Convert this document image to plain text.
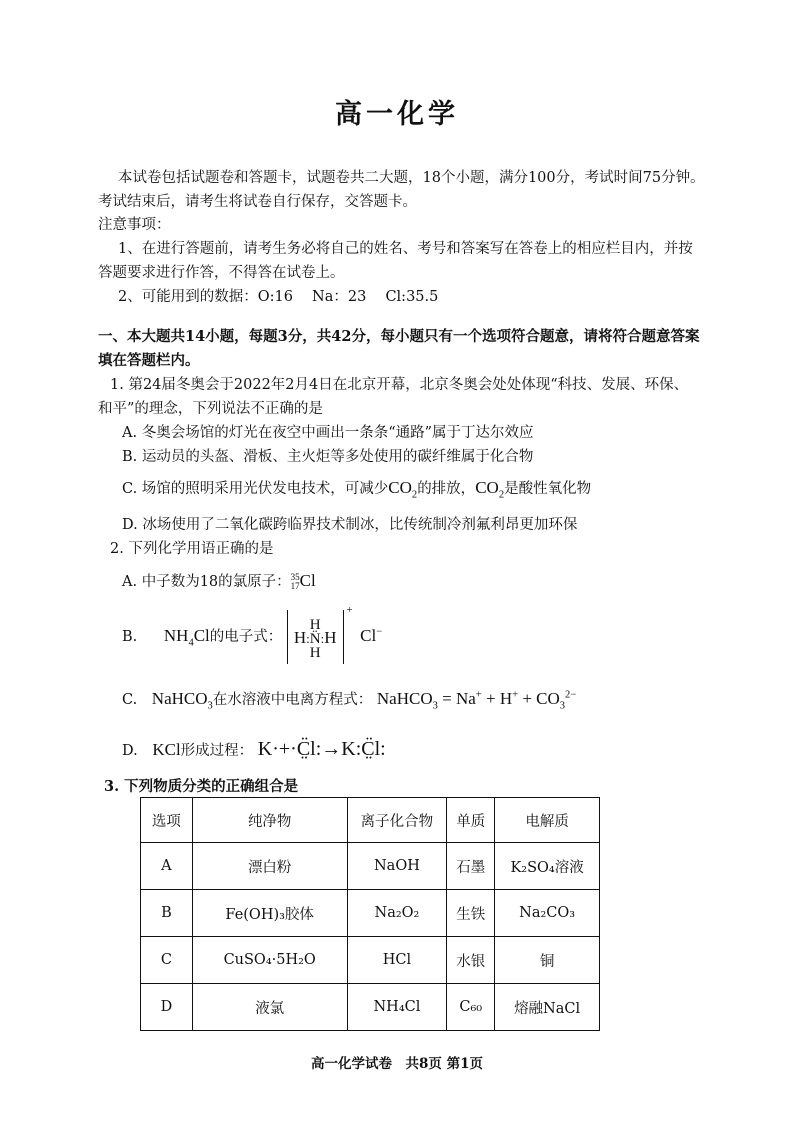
高一化学
本试卷包括试题卷和答题卡，试题卷共二大题，18个小题，满分100分，考试时间75分钟。
考试结束后，请考生将试卷自行保存，交答题卡。
注意事项：
1、在进行答题前，请考生务必将自己的姓名、考号和答案写在答卷上的相应栏目内，并按
答题要求进行作答，不得答在试卷上。
2、可能用到的数据：O:16　 Na：23　 Cl:35.5
一、本大题共14小题，每题3分，共42分，每小题只有一个选项符合题意，请将符合题意答案
填在答题栏内。
1. 第24届冬奥会于2022年2月4日在北京开幕，北京冬奥会处处体现“科技、发展、环保、
和平”的理念，下列说法不正确的是
A. 冬奥会场馆的灯光在夜空中画出一条条“通路”属于丁达尔效应
B. 运动员的头盔、滑板、主火炬等多处使用的碳纤维属于化合物
C. 场馆的照明采用光伏发电技术，可减少$CO_2$的排放，$CO_2$是酸性氧化物
D. 冰场使用了二氧化碳跨临界技术制冰，比传统制冷剂氟利昂更加环保
2. 下列化学用语正确的是
A. 中子数为18的氯原子：35
17Cl
B. $NH_4Cl$的电子式： H:H
N̈
H:H
+
Cl−
C. NaHCO$_3$在水溶液中电离方程式： NaHCO$_3$ = $Na^+ + H^+ + CO_3^{2-}$
D. KCl形成过程： K·+·C̤̈l:→K:C̤̈l:
3. 下列物质分类的正确组合是
选项	纯净物	离子化合物	单质	电解质
A	漂白粉	NaOH	石墨	K₂SO₄溶液
B	Fe(OH)₃胶体	Na₂O₂	生铁	Na₂CO₃
C	CuSO₄·5H₂O	HCl	水银	铜
D	液氯	NH₄Cl	C₆₀	熔融NaCl
高一化学试卷　共8页 第1页
